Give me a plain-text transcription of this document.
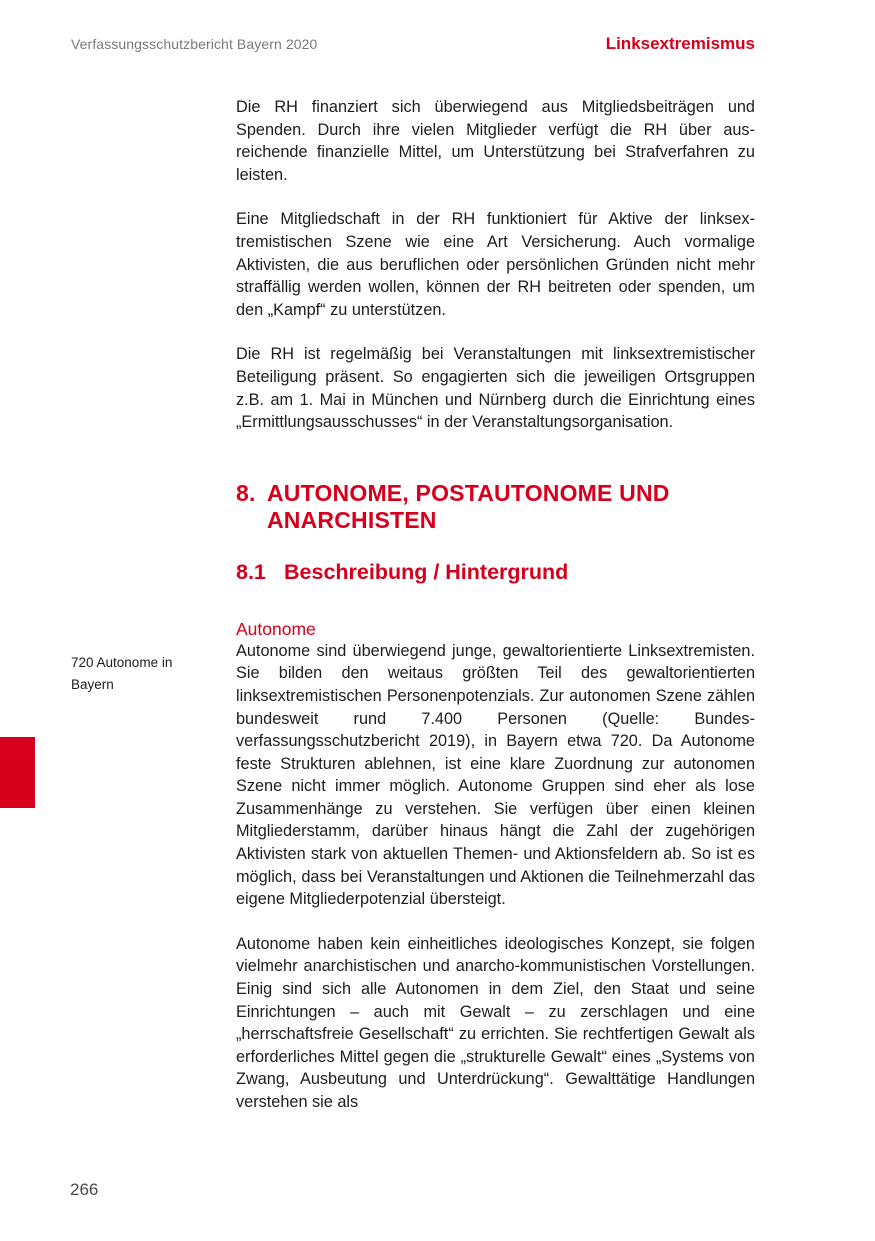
Verfassungsschutzbericht Bayern 2020	Linksextremismus
720 Autonome in Bayern

Die RH finanziert sich überwiegend aus Mitgliedsbeiträgen und Spenden. Durch ihre vielen Mitglieder verfügt die RH über ausreichende finanzielle Mittel, um Unterstützung bei Strafverfahren zu leisten.

Eine Mitgliedschaft in der RH funktioniert für Aktive der linksextremistischen Szene wie eine Art Versicherung. Auch vormalige Aktivisten, die aus beruflichen oder persönlichen Gründen nicht mehr straffällig werden wollen, können der RH beitreten oder spenden, um den „Kampf“ zu unterstützen.

Die RH ist regelmäßig bei Veranstaltungen mit linksextremistischer Beteiligung präsent. So engagierten sich die jeweiligen Ortsgruppen z.B. am 1. Mai in München und Nürnberg durch die Einrichtung eines „Ermittlungsausschusses“ in der Veranstaltungsorganisation.

8. AUTONOME, POSTAUTONOME UND ANARCHISTEN
8.1 Beschreibung / Hintergrund
Autonome

Autonome sind überwiegend junge, gewaltorientierte Linksextremisten. Sie bilden den weitaus größten Teil des gewaltorientierten linksextremistischen Personenpotenzials. Zur autonomen Szene zählen bundesweit rund 7.400 Personen (Quelle: Bundesverfassungsschutzbericht 2019), in Bayern etwa 720. Da Autonome feste Strukturen ablehnen, ist eine klare Zuordnung zur autonomen Szene nicht immer möglich. Autonome Gruppen sind eher als lose Zusammenhänge zu verstehen. Sie verfügen über einen kleinen Mitgliederstamm, darüber hinaus hängt die Zahl der zugehörigen Aktivisten stark von aktuellen Themen- und Aktionsfeldern ab. So ist es möglich, dass bei Veranstaltungen und Aktionen die Teilnehmerzahl das eigene Mitgliederpotenzial übersteigt.

Autonome haben kein einheitliches ideologisches Konzept, sie folgen vielmehr anarchistischen und anarcho-kommunistischen Vorstellungen. Einig sind sich alle Autonomen in dem Ziel, den Staat und seine Einrichtungen – auch mit Gewalt – zu zerschlagen und eine „herrschaftsfreie Gesellschaft“ zu errichten. Sie rechtfertigen Gewalt als erforderliches Mittel gegen die „strukturelle Gewalt“ eines „Systems von Zwang, Ausbeutung und Unterdrückung“. Gewalttätige Handlungen verstehen sie als

266
